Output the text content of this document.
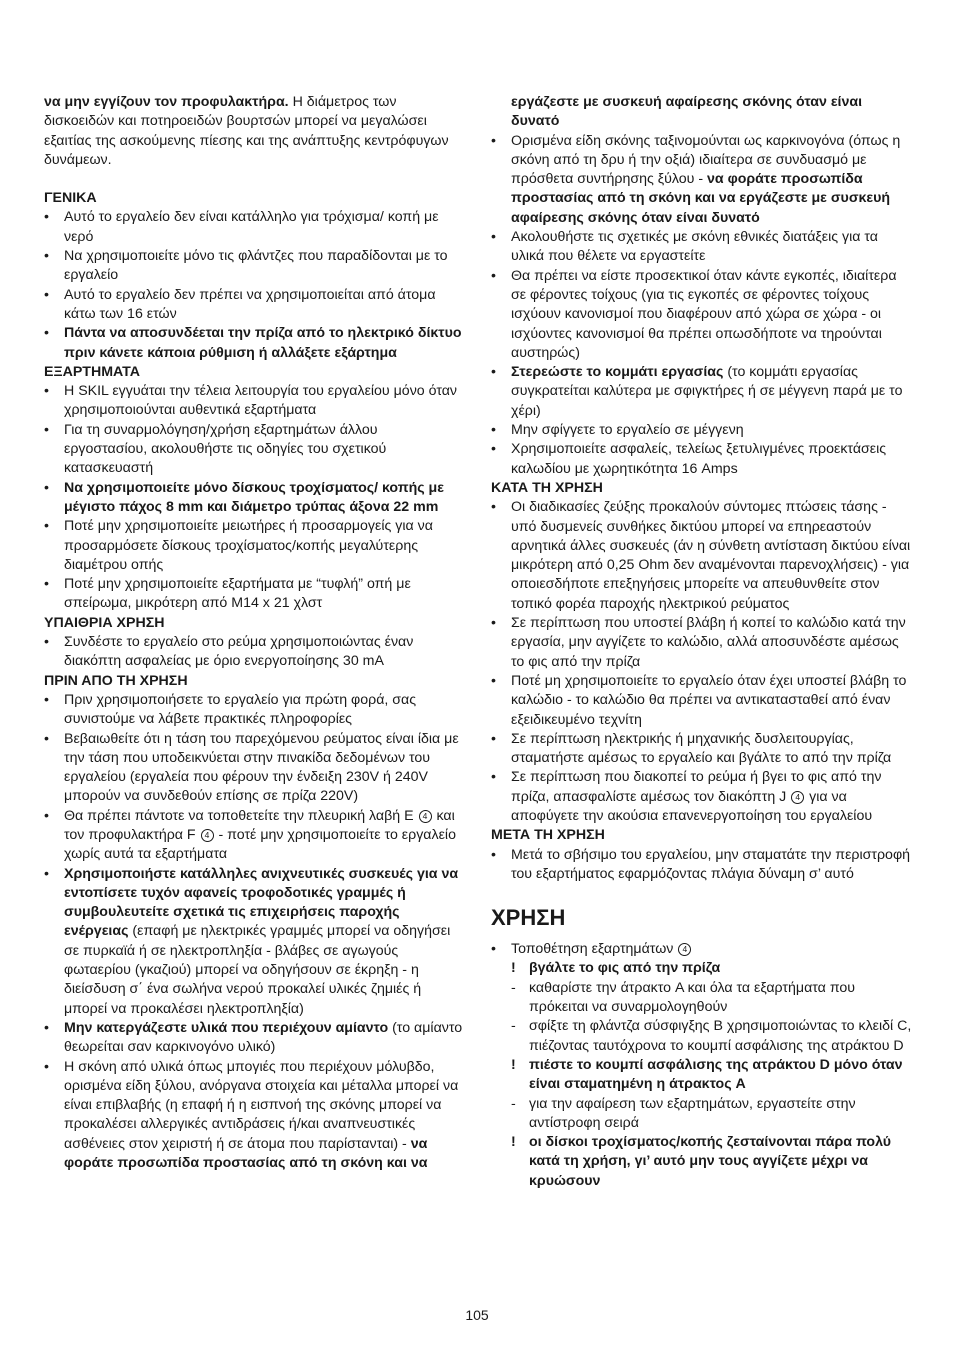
να μην εγγίζουν τον προφυλακτήρα. Η διάμετρος των δισκοειδών και ποτηροειδών βουρτσών μπορεί να μεγαλώσει εξαιτίας της ασκούμενης πίεσης και της ανάπτυξης κεντρόφυγων δυνάμεων.

ΓΕΝΙΚΑ

• Αυτό το εργαλείο δεν είναι κατάλληλο για τρόχισμα/ κοπή με νερό
• Να χρησιμοποιείτε μόνο τις φλάντζες που παραδίδονται με το εργαλείο
• Αυτό το εργαλείο δεν πρέπει να χρησιμοποιείται από άτομα κάτω των 16 ετών
• Πάντα να αποσυνδέεται την πρίζα από το ηλεκτρικό δίκτυο πριν κάνετε κάποια ρύθμιση ή αλλάξετε εξάρτημα

ΕΞΑΡΤΗΜΑΤΑ

• Η SKIL εγγυάται την τέλεια λειτουργία του εργαλείου μόνο όταν χρησιμοποιούνται αυθεντικά εξαρτήματα
• Για τη συναρμολόγηση/χρήση εξαρτημάτων άλλου εργοστασίου, ακολουθήστε τις οδηγίες του σχετικού κατασκευαστή
• Να χρησιμοποιείτε μόνο δίσκους τροχίσματος/ κοπής με μέγιστο πάχος 8 mm και διάμετρο τρύπας άξονα 22 mm
• Ποτέ μην χρησιμοποιείτε μειωτήρες ή προσαρμογείς για να προσαρμόσετε δίσκους τροχίσματος/κοπής μεγαλύτερης διαμέτρου οπής
• Ποτέ μην χρησιμοποιείτε εξαρτήματα με “τυφλή” οπή με σπείρωμα, μικρότερη από M14 x 21 χλστ

ΥΠΑΙΘΡΙΑ ΧΡΗΣΗ

• Συνδέστε το εργαλείο στο ρεύμα χρησιμοποιώντας έναν διακόπτη ασφαλείας με όριο ενεργοποίησης 30 mA

ΠΡΙΝ ΑΠΟ ΤΗ ΧΡΗΣΗ

• Πριν χρησιμοποιήσετε το εργαλείο για πρώτη φορά, σας συνιστούμε να λάβετε πρακτικές πληροφορίες
• Βεβαιωθείτε ότι η τάση του παρεχόμενου ρεύματος είναι ίδια με την τάση που υποδεικνύεται στην πινακίδα δεδομένων του εργαλείου (εργαλεία που φέρουν την ένδειξη 230V ή 240V μπορούν να συνδεθούν επίσης σε πρίζα 220V)
• Θα πρέπει πάντοτε να τοποθετείτε την πλευρική λαβή E 4 και τον προφυλακτήρα F 4 - ποτέ μην χρησιμοποιείτε το εργαλείο χωρίς αυτά τα εξαρτήματα
• Χρησιμοποιήστε κατάλληλες ανιχνευτικές συσκευές για να εντοπίσετε τυχόν αφανείς τροφοδοτικές γραμμές ή συμβουλευτείτε σχετικά τις επιχειρήσεις παροχής ενέργειας (επαφή με ηλεκτρικές γραμμές μπορεί να οδηγήσει σε πυρκαϊά ή σε ηλεκτροπληξία - βλάβες σε αγωγούς φωταερίου (γκαζιού) μπορεί να οδηγήσουν σε έκρηξη - η διείσδυση σ΄ ένα σωλήνα νερού προκαλεί υλικές ζημιές ή μπορεί να προκαλέσει ηλεκτροπληξία)
• Μην κατεργάζεστε υλικά που περιέχουν αμίαντο (το αμίαντο θεωρείται σαν καρκινογόνο υλικό)
• Η σκόνη από υλικά όπως μπογιές που περιέχουν μόλυβδο, ορισμένα είδη ξύλου, ανόργανα στοιχεία και μέταλλα μπορεί να είναι επιβλαβής (η επαφή ή η εισπνοή της σκόνης μπορεί να προκαλέσει αλλεργικές αντιδράσεις ή/και αναπνευστικές ασθένειες στον χειριστή ή σε άτομα που παρίστανται) - να φοράτε προσωπίδα προστασίας από τη σκόνη και να

εργάζεστε με συσκευή αφαίρεσης σκόνης όταν είναι δυνατό

• Ορισμένα είδη σκόνης ταξινομούνται ως καρκινογόνα (όπως η σκόνη από τη δρυ ή την οξιά) ιδιαίτερα σε συνδυασμό με πρόσθετα συντήρησης ξύλου - να φοράτε προσωπίδα προστασίας από τη σκόνη και να εργάζεστε με συσκευή αφαίρεσης σκόνης όταν είναι δυνατό
• Ακολουθήστε τις σχετικές με σκόνη εθνικές διατάξεις για τα υλικά που θέλετε να εργαστείτε
• Θα πρέπει να είστε προσεκτικοί όταν κάντε εγκοπές, ιδιαίτερα σε φέροντες τοίχους (για τις εγκοπές σε φέροντες τοίχους ισχύουν κανονισμοί που διαφέρουν από χώρα σε χώρα - οι ισχύοντες κανονισμοί θα πρέπει οπωσδήποτε να τηρούνται αυστηρώς)
• Στερεώστε το κομμάτι εργασίας (το κομμάτι εργασίας συγκρατείται καλύτερα με σφιγκτήρες ή σε μέγγενη παρά με το χέρι)
• Μην σφίγγετε το εργαλείο σε μέγγενη
• Χρησιμοποιείτε ασφαλείς, τελείως ξετυλιγμένες προεκτάσεις καλωδίου με χωρητικότητα 16 Amps

ΚΑΤΑ ΤΗ ΧΡΗΣΗ

• Οι διαδικασίες ζεύξης προκαλούν σύντομες πτώσεις τάσης - υπό δυσμενείς συνθήκες δικτύου μπορεί να επηρεαστούν αρνητικά άλλες συσκευές (άν η σύνθετη αντίσταση δικτύου είναι μικρότερη από 0,25 Ohm δεν αναμένονται παρενοχλήσεις) - για οποιεσδήποτε επεξηγήσεις μπορείτε να απευθυνθείτε στον τοπικό φορέα παροχής ηλεκτρικού ρεύματος
• Σε περίπτωση που υποστεί βλάβη ή κοπεί το καλώδιο κατά την εργασία, μην αγγίζετε το καλώδιο, αλλά αποσυνδέστε αμέσως το φις από την πρίζα
• Ποτέ μη χρησιμοποιείτε το εργαλείο όταν έχει υποστεί βλάβη το καλώδιο - το καλώδιο θα πρέπει να αντικατασταθεί από έναν εξειδικευμένο τεχνίτη
• Σε περίπτωση ηλεκτρικής ή μηχανικής δυσλειτουργίας, σταματήστε αμέσως το εργαλείο και βγάλτε το από την πρίζα
• Σε περίπτωση που διακοπεί το ρεύμα ή βγει το φις από την πρίζα, απασφαλίστε αμέσως τον διακόπτη J 4 για να αποφύγετε την ακούσια επανενεργοποίηση του εργαλείου

ΜΕΤΑ ΤΗ ΧΡΗΣΗ

• Μετά το σβήσιμο του εργαλείου, μην σταματάτε την περιστροφή του εξαρτήματος εφαρμόζοντας πλάγια δύναμη σ’ αυτό

ΧΡΗΣΗ

• Τοποθέτηση εξαρτημάτων 4
! βγάλτε το φις από την πρίζα
- καθαρίστε την άτρακτο A και όλα τα εξαρτήματα που πρόκειται να συναρμολογηθούν
- σφίξτε τη φλάντζα σύσφιγξης B χρησιμοποιώντας το κλειδί C, πιέζοντας ταυτόχρονα το κουμπί ασφάλισης της ατράκτου D
! πιέστε το κουμπί ασφάλισης της ατράκτου D μόνο όταν είναι σταματημένη η άτρακτος A
- για την αφαίρεση των εξαρτημάτων, εργαστείτε στην αντίστροφη σειρά
! οι δίσκοι τροχίσματος/κοπής ζεσταίνονται πάρα πολύ κατά τη χρήση, γι’ αυτό μην τους αγγίζετε μέχρι να κρυώσουν
105
